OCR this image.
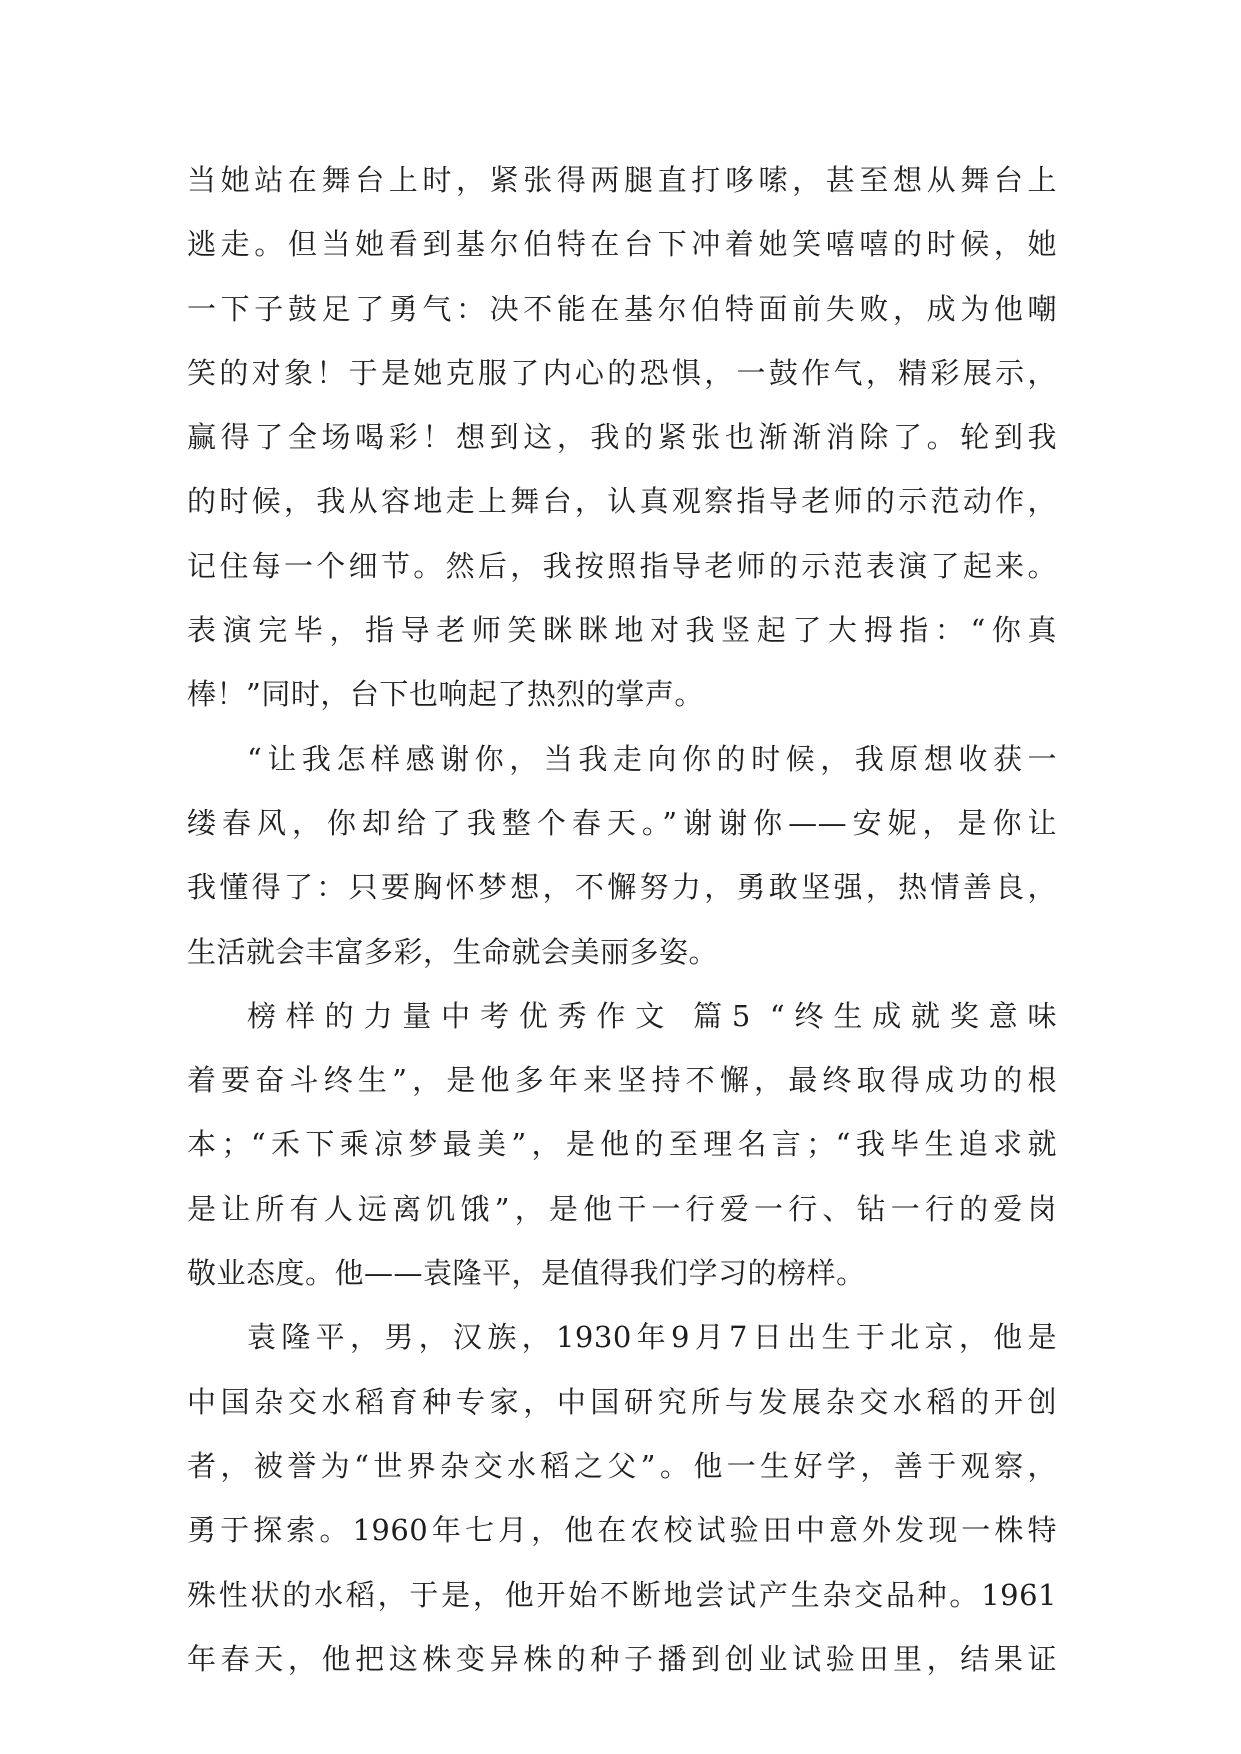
当她站在舞台上时，紧张得两腿直打哆嗦，甚至想从舞台上
逃走。但当她看到基尔伯特在台下冲着她笑嘻嘻的时候，她
一下子鼓足了勇气：决不能在基尔伯特面前失败，成为他嘲
笑的对象！于是她克服了内心的恐惧，一鼓作气，精彩展示，
赢得了全场喝彩！想到这，我的紧张也渐渐消除了。轮到我
的时候，我从容地走上舞台，认真观察指导老师的示范动作，
记住每一个细节。然后，我按照指导老师的示范表演了起来。
表演完毕，指导老师笑眯眯地对我竖起了大拇指：“你真
棒！”同时，台下也响起了热烈的掌声。
“让我怎样感谢你，当我走向你的时候，我原想收获一
缕春风，你却给了我整个春天。”谢谢你——安妮，是你让
我懂得了：只要胸怀梦想，不懈努力，勇敢坚强，热情善良，
生活就会丰富多彩，生命就会美丽多姿。
榜样的力量中考优秀作文 篇5 “终生成就奖意味
着要奋斗终生”，是他多年来坚持不懈，最终取得成功的根
本；“禾下乘凉梦最美”，是他的至理名言；“我毕生追求就
是让所有人远离饥饿”，是他干一行爱一行、钻一行的爱岗
敬业态度。他——袁隆平，是值得我们学习的榜样。
袁隆平，男，汉族，1930年9月7日出生于北京，他是
中国杂交水稻育种专家，中国研究所与发展杂交水稻的开创
者，被誉为“世界杂交水稻之父”。他一生好学，善于观察，
勇于探索。1960年七月，他在农校试验田中意外发现一株特
殊性状的水稻，于是，他开始不断地尝试产生杂交品种。1961
年春天，他把这株变异株的种子播到创业试验田里，结果证
